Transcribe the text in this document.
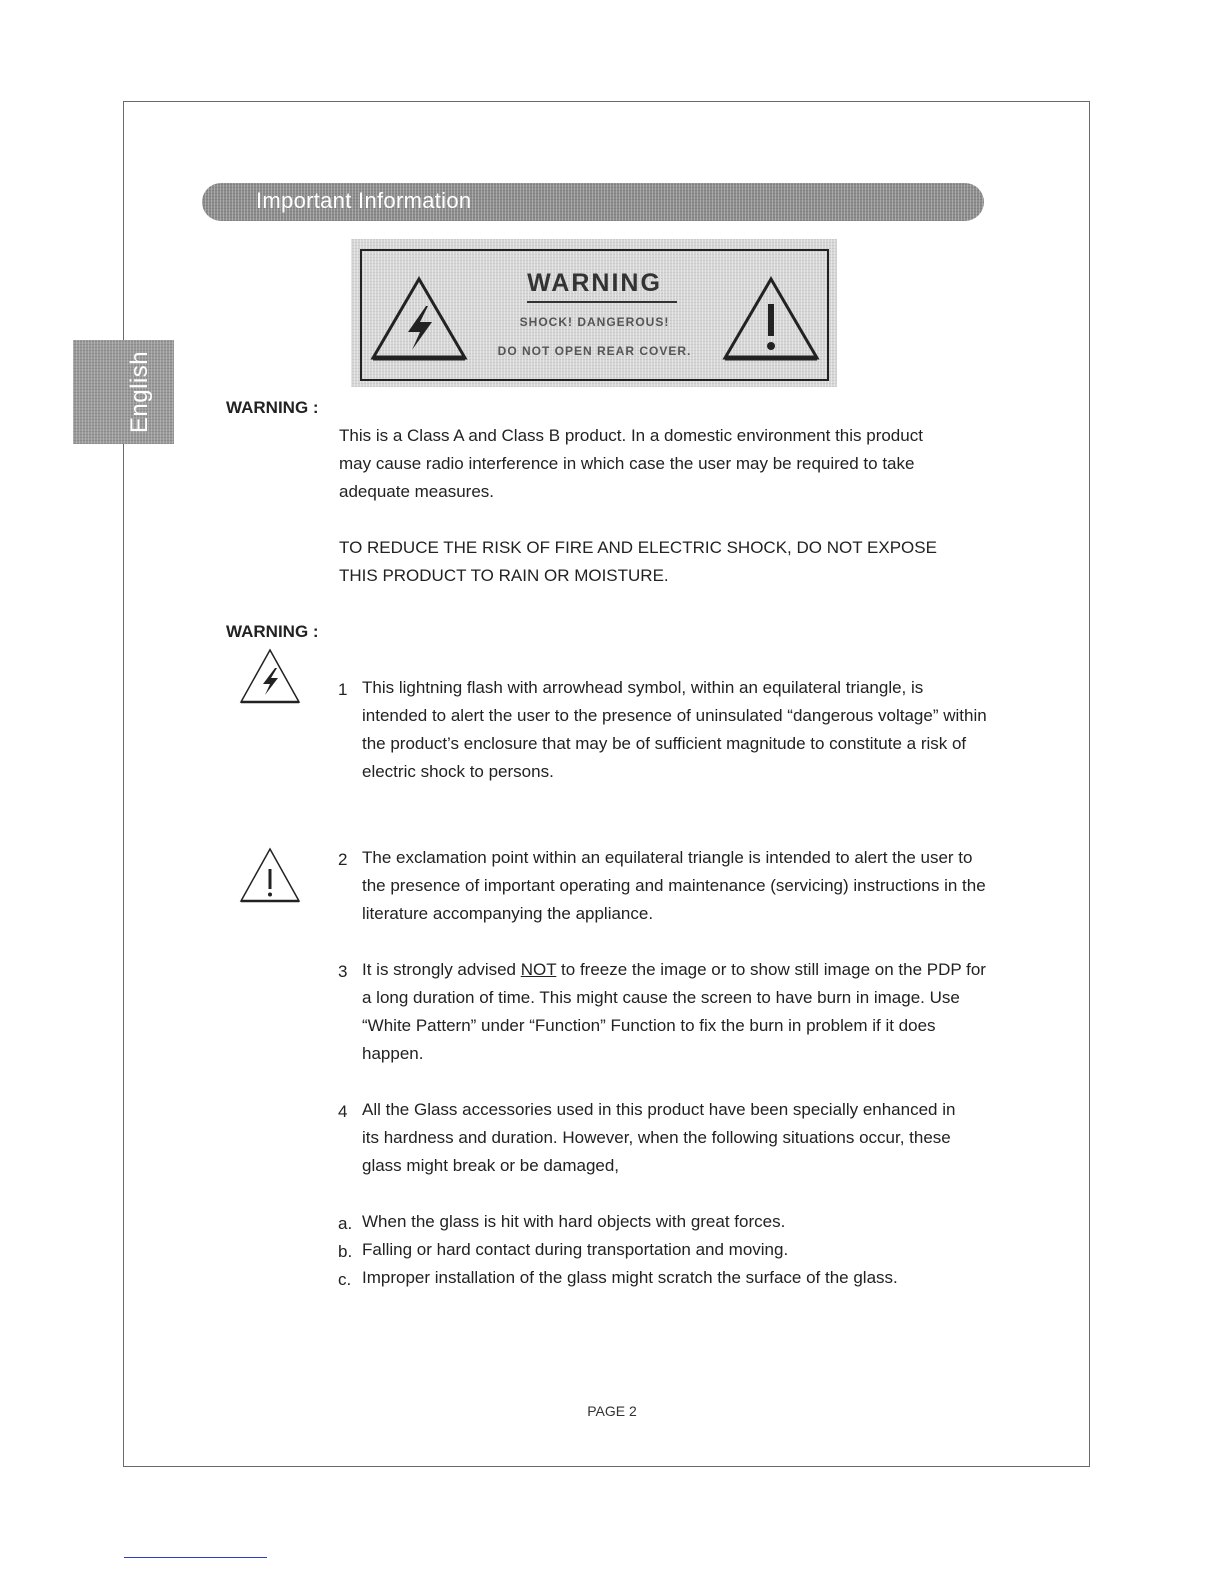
English
Important Information
WARNING
SHOCK! DANGEROUS!
DO NOT OPEN REAR COVER.
WARNING :

This is a Class A and Class B product. In a domestic environment this product may cause radio interference in which case the user may be required to take adequate measures.

TO REDUCE THE RISK OF FIRE AND ELECTRIC SHOCK, DO NOT EXPOSE THIS PRODUCT TO RAIN OR MOISTURE.

WARNING :
1 This lightning flash with arrowhead symbol, within an equilateral triangle, is intended to alert the user to the presence of uninsulated “dangerous voltage” within the product’s enclosure that may be of sufficient magnitude to constitute a risk of electric shock to persons.
2 The exclamation point within an equilateral triangle is intended to alert the user to the presence of important operating and maintenance (servicing) instructions in the literature accompanying the appliance.
3 It is strongly advised NOT to freeze the image or to show still image on the PDP for a long duration of time. This might cause the screen to have burn in image. Use “White Pattern” under “Function” Function to fix the burn in problem if it does happen.
4 All the Glass accessories used in this product have been specially enhanced in its hardness and duration. However, when the following situations occur, these glass might break or be damaged,
a. When the glass is hit with hard objects with great forces.
b. Falling or hard contact during transportation and moving.
c. Improper installation of the glass might scratch the surface of the glass.
PAGE 2
